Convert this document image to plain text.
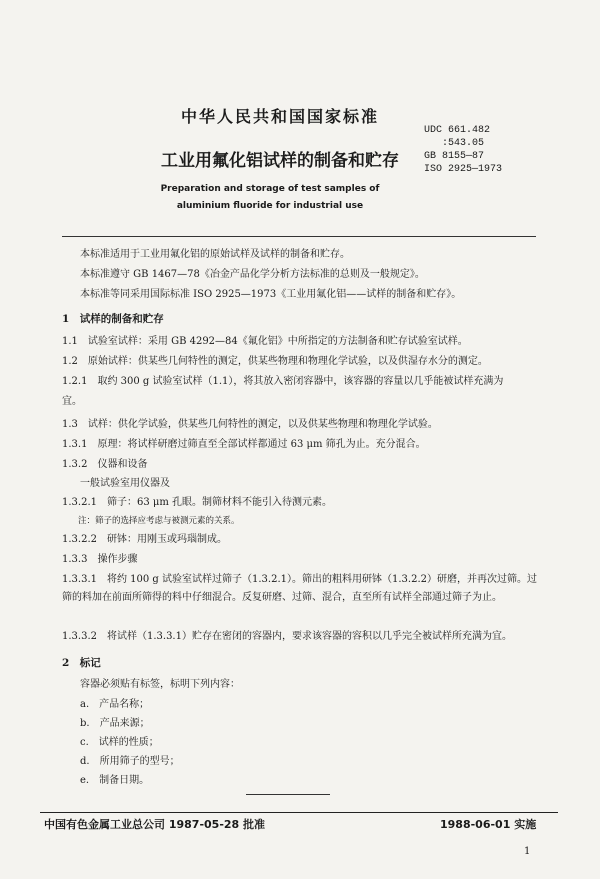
中华人民共和国国家标准
UDC 661.482
:543.05
GB 8155—87
ISO 2925—1973
工业用氟化铝试样的制备和贮存
Preparation and storage of test samples of
aluminium fluoride for industrial use
本标准适用于工业用氟化铝的原始试样及试样的制备和贮存。
本标准遵守 GB 1467—78《冶金产品化学分析方法标准的总则及一般规定》。
本标准等同采用国际标准 ISO 2925—1973《工业用氟化铝——试样的制备和贮存》。
1　试样的制备和贮存
1.1　试验室试样：采用 GB 4292—84《氟化铝》中所指定的方法制备和贮存试验室试样。
1.2　原始试样：供某些几何特性的测定，供某些物理和物理化学试验，以及供湿存水分的测定。
1.2.1　取约 300 g 试验室试样（1.1），将其放入密闭容器中，该容器的容量以几乎能被试样充满为
宜。
1.3　试样：供化学试验，供某些几何特性的测定，以及供某些物理和物理化学试验。
1.3.1　原理：将试样研磨过筛直至全部试样都通过 63 μm 筛孔为止。充分混合。
1.3.2　仪器和设备
一般试验室用仪器及
1.3.2.1　筛子：63 μm 孔眼。制筛材料不能引入待测元素。
注：筛子的选择应考虑与被测元素的关系。
1.3.2.2　研钵：用刚玉或玛瑙制成。
1.3.3　操作步骤
1.3.3.1　将约 100 g 试验室试样过筛子（1.3.2.1）。筛出的粗料用研钵（1.3.2.2）研磨，并再次过筛。过筛的料加在前面所筛得的料中仔细混合。反复研磨、过筛、混合，直至所有试样全部通过筛子为止。
1.3.3.2　将试样（1.3.3.1）贮存在密闭的容器内，要求该容器的容积以几乎完全被试样所充满为宜。
2　标记
容器必须贴有标签，标明下列内容：
a.　产品名称；
b.　产品来源；
c.　试样的性质；
d.　所用筛子的型号；
e.　制备日期。
中国有色金属工业总公司 1987-05-28 批准	1988-06-01 实施
1
